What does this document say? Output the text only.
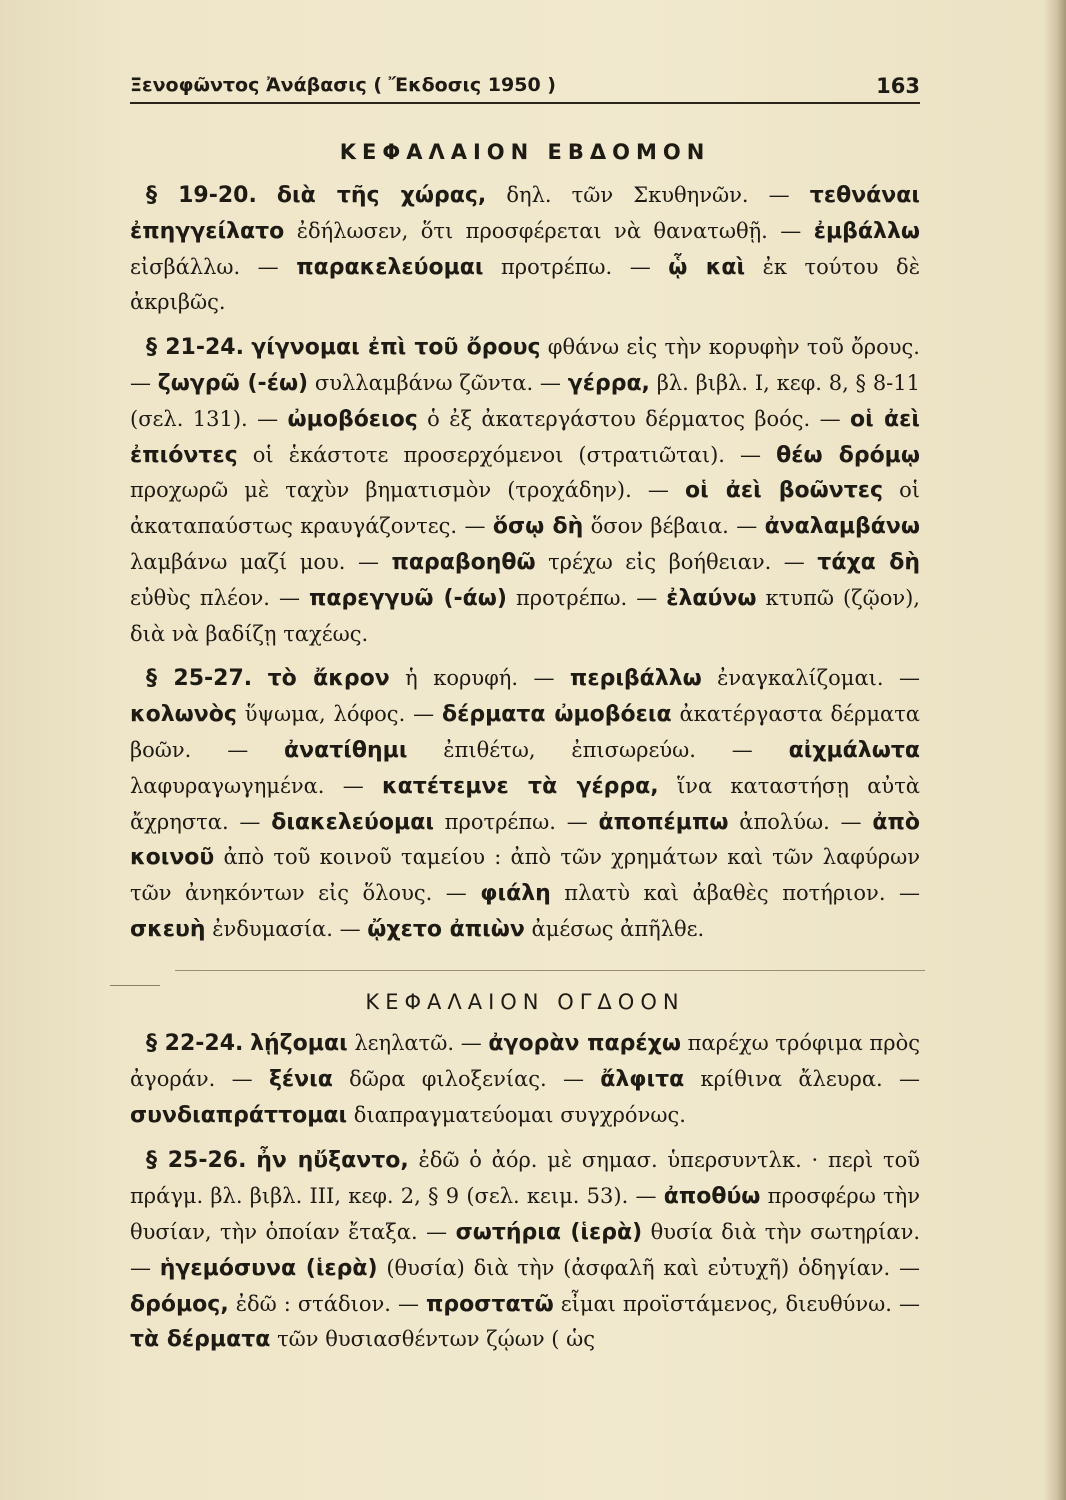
Ξενοφῶντος Ἀνάβασις ( Ἔκδοσις 1950 )	163
ΚΕΦΑΛΑΙΟΝ ΕΒΔΟΜΟΝ

§ 19-20. διὰ τῆς χώρας, δηλ. τῶν Σκυθηνῶν. — τεθνάναι ἐπηγγείλατο ἐδήλωσεν, ὅτι προσφέρεται νὰ θανατωθῇ. — ἐμβάλλω εἰσβάλλω. — παρακελεύομαι προτρέπω. — ᾧ καὶ ἐκ τούτου δὲ ἀκριβῶς.

§ 21-24. γίγνομαι ἐπὶ τοῦ ὄρους φθάνω εἰς τὴν κορυφὴν τοῦ ὄρους. — ζωγρῶ (-έω) συλλαμβάνω ζῶντα. — γέρρα, βλ. βιβλ. I, κεφ. 8, § 8-11 (σελ. 131). — ὠμοβόειος ὁ ἐξ ἀκατεργάστου δέρματος βοός. — οἱ ἀεὶ ἐπιόντες οἱ ἑκάστοτε προσερχόμενοι (στρατιῶται). — θέω δρόμῳ προχωρῶ μὲ ταχὺν βηματισμὸν (τροχάδην). — οἱ ἀεὶ βοῶντες οἱ ἀκαταπαύστως κραυγάζοντες. — ὅσῳ δὴ ὅσον βέβαια. — ἀναλαμβάνω λαμβάνω μαζί μου. — παραβοηθῶ τρέχω εἰς βοήθειαν. — τάχα δὴ εὐθὺς πλέον. — παρεγγυῶ (-άω) προτρέπω. — ἐλαύνω κτυπῶ (ζῷον), διὰ νὰ βαδίζῃ ταχέως.

§ 25-27. τὸ ἄκρον ἡ κορυφή. — περιβάλλω ἐναγκαλίζομαι. — κολωνὸς ὕψωμα, λόφος. — δέρματα ὠμοβόεια ἀκατέργαστα δέρματα βοῶν. — ἀνατίθημι ἐπιθέτω, ἐπισωρεύω. — αἰχμάλωτα λαφυραγωγημένα. — κατέτεμνε τὰ γέρρα, ἵνα καταστήσῃ αὐτὰ ἄχρηστα. — διακελεύομαι προτρέπω. — ἀποπέμπω ἀπολύω. — ἀπὸ κοινοῦ ἀπὸ τοῦ κοινοῦ ταμείου : ἀπὸ τῶν χρημάτων καὶ τῶν λαφύρων τῶν ἀνηκόντων εἰς ὅλους. — φιάλη πλατὺ καὶ ἀβαθὲς ποτήριον. — σκευὴ ἐνδυμασία. — ᾤχετο ἀπιὼν ἀμέσως ἀπῆλθε.

ΚΕΦΑΛΑΙΟΝ ΟΓΔΟΟΝ

§ 22-24. λῄζομαι λεηλατῶ. — ἀγορὰν παρέχω παρέχω τρόφιμα πρὸς ἀγοράν. — ξένια δῶρα φιλοξενίας. — ἄλφιτα κρίθινα ἄλευρα. — συνδιαπράττομαι διαπραγματεύομαι συγχρόνως.

§ 25-26. ἦν ηὔξαντο, ἐδῶ ὁ ἀόρ. μὲ σημασ. ὑπερσυντλκ. · περὶ τοῦ πράγμ. βλ. βιβλ. III, κεφ. 2, § 9 (σελ. κειμ. 53). — ἀποθύω προσφέρω τὴν θυσίαν, τὴν ὁποίαν ἔταξα. — σωτήρια (ἱερὰ) θυσία διὰ τὴν σωτηρίαν. — ἡγεμόσυνα (ἱερὰ) (θυσία) διὰ τὴν (ἀσφαλῆ καὶ εὐτυχῆ) ὁδηγίαν. — δρόμος, ἐδῶ : στάδιον. — προστατῶ εἶμαι προϊστάμενος, διευθύνω. — τὰ δέρματα τῶν θυσιασθέντων ζῴων ( ὡς
